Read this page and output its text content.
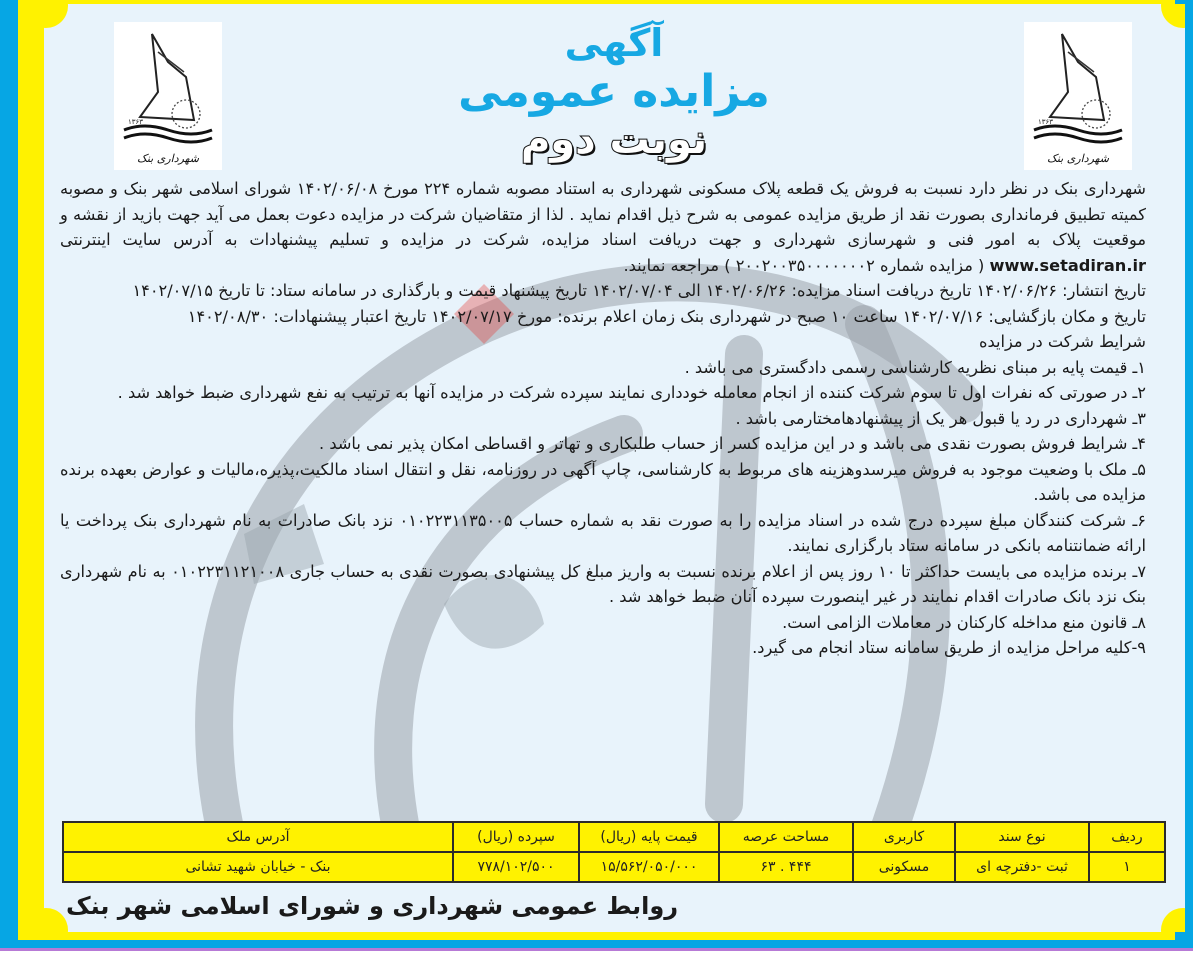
۱۳۶۳
شهرداری بنک
۱۳۶۳
شهرداری بنک
آگهی
مزایده عمومی
نوبت دوم

شهرداری بنک در نظر دارد نسبت به فروش یک قطعه پلاک مسکونی شهرداری به استناد مصوبه شماره ۲۲۴ مورخ ۱۴۰۲/۰۶/۰۸ شورای اسلامی شهر بنک و مصوبه کمیته تطبیق فرمانداری بصورت نقد از طریق مزایده عمومی به شرح ذیل اقدام نماید . لذا از متقاضیان شرکت در مزایده دعوت بعمل می آید جهت بازید از نقشه و موقعیت پلاک به امور فنی و شهرسازی شهرداری و جهت دریافت اسناد مزایده، شرکت در مزایده و تسلیم پیشنهادات به آدرس سایت اینترنتی www.setadiran.ir ( مزایده شماره ۲۰۰۲۰۰۳۵۰۰۰۰۰۰۰۲ ) مراجعه نمایند.

تاریخ انتشار: ۱۴۰۲/۰۶/۲۶ تاریخ دریافت اسناد مزایده: ۱۴۰۲/۰۶/۲۶ الی ۱۴۰۲/۰۷/۰۴ تاریخ پیشنهاد قیمت و بارگذاری در سامانه ستاد: تا تاریخ ۱۴۰۲/۰۷/۱۵

تاریخ و مکان بازگشایی: ۱۴۰۲/۰۷/۱۶ ساعت ۱۰ صبح در شهرداری بنک زمان اعلام برنده: مورخ ۱۴۰۲/۰۷/۱۷ تاریخ اعتبار پیشنهادات: ۱۴۰۲/۰۸/۳۰

شرایط شرکت در مزایده

۱ـ قیمت پایه بر مبنای نظریه کارشناسی رسمی دادگستری می باشد .

۲ـ در صورتی که نفرات اول تا سوم شرکت کننده از انجام معامله خودداری نمایند سپرده شرکت در مزایده آنها به ترتیب به نفع شهرداری ضبط خواهد شد .

۳ـ شهرداری در رد یا قبول هر یک از پیشنهادهامختارمی باشد .

۴ـ شرایط فروش بصورت نقدی می باشد و در این مزایده کسر از حساب طلبکاری و تهاتر و اقساطی امکان پذیر نمی باشد .

۵ـ ملک با وضعیت موجود به فروش میرسدوهزینه های مربوط به کارشناسی، چاپ آگهی در روزنامه، نقل و انتقال اسناد مالکیت،پذیره،مالیات و عوارض بعهده برنده مزایده می باشد.

۶ـ شرکت کنندگان مبلغ سپرده درج شده در اسناد مزایده را به صورت نقد به شماره حساب ۰۱۰۲۲۳۱۱۳۵۰۰۵ نزد بانک صادرات به نام شهرداری بنک پرداخت یا ارائه ضمانتنامه بانکی در سامانه ستاد بارگزاری نمایند.

۷ـ برنده مزایده می بایست حداکثر تا ۱۰ روز پس از اعلام برنده نسبت به واریز مبلغ کل پیشنهادی بصورت نقدی به حساب جاری ۰۱۰۲۲۳۱۱۲۱۰۰۸ به نام شهرداری بنک نزد بانک صادرات اقدام نمایند در غیر اینصورت سپرده آنان ضبط خواهد شد .

۸ـ قانون منع مداخله کارکنان در معاملات الزامی است.

۹-کلیه مراحل مزایده از طریق سامانه ستاد انجام می گیرد.

ردیف	نوع سند	کاربری	مساحت عرصه	قیمت پایه (ریال)	سپرده (ریال)	آدرس ملک
۱	ثبت -دفترچه ای	مسکونی	۴۴۴ . ۶۳	۱۵/۵۶۲/۰۵۰/۰۰۰	۷۷۸/۱۰۲/۵۰۰	بنک - خیابان شهید تشانی
روابط عمومی شهرداری و شورای اسلامی شهر بنک
